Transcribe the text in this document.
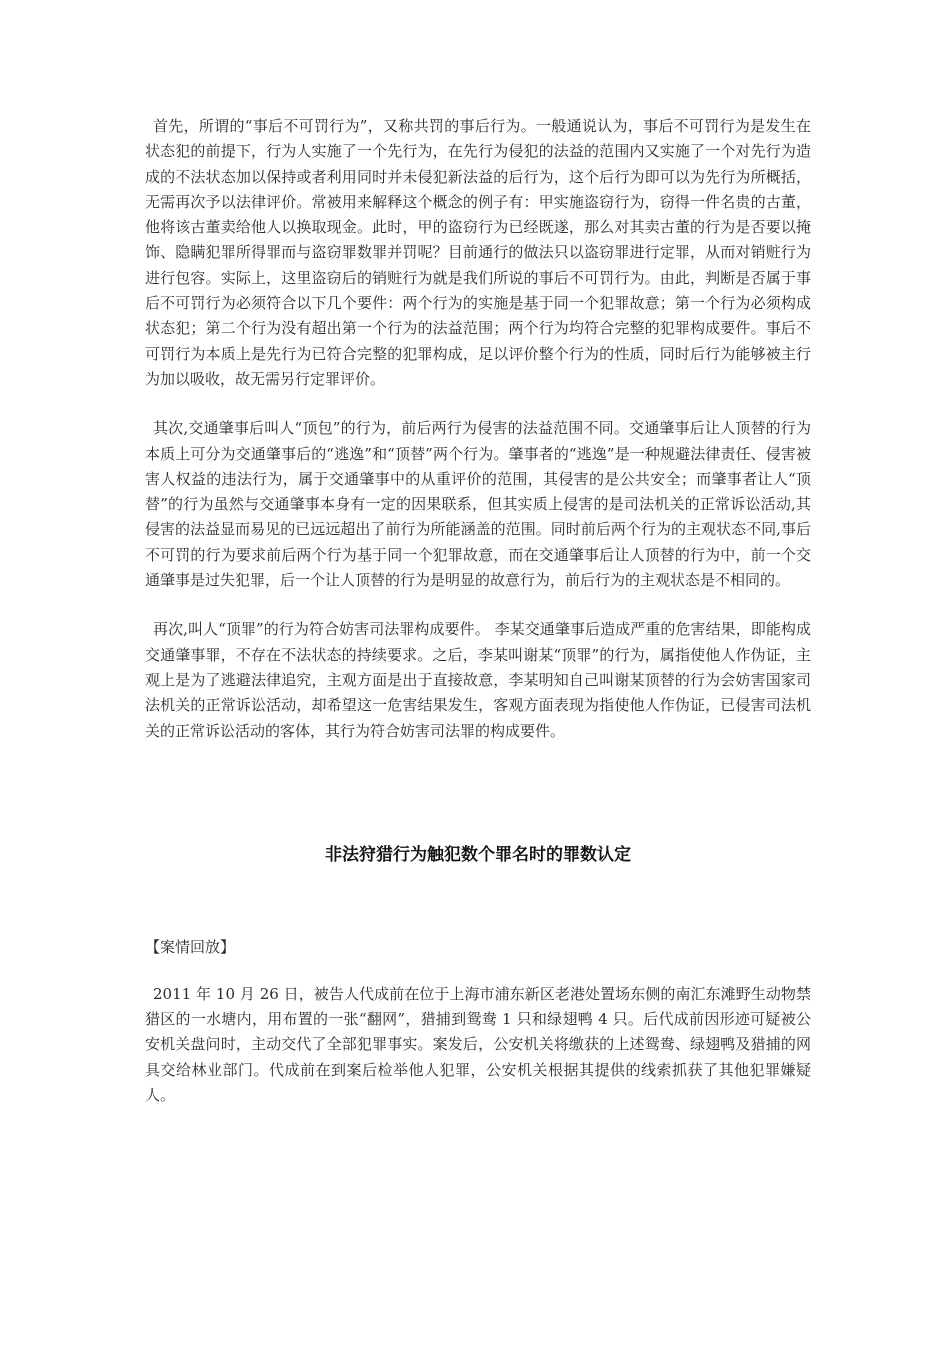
首先，所谓的“事后不可罚行为”，又称共罚的事后行为。一般通说认为，事后不可罚行为是发生在状态犯的前提下，行为人实施了一个先行为，在先行为侵犯的法益的范围内又实施了一个对先行为造成的不法状态加以保持或者利用同时并未侵犯新法益的后行为，这个后行为即可以为先行为所概括，无需再次予以法律评价。常被用来解释这个概念的例子有：甲实施盗窃行为，窃得一件名贵的古董，他将该古董卖给他人以换取现金。此时，甲的盗窃行为已经既遂，那么对其卖古董的行为是否要以掩饰、隐瞒犯罪所得罪而与盗窃罪数罪并罚呢？目前通行的做法只以盗窃罪进行定罪，从而对销赃行为进行包容。实际上，这里盗窃后的销赃行为就是我们所说的事后不可罚行为。由此，判断是否属于事后不可罚行为必须符合以下几个要件：两个行为的实施是基于同一个犯罪故意；第一个行为必须构成状态犯；第二个行为没有超出第一个行为的法益范围；两个行为均符合完整的犯罪构成要件。事后不可罚行为本质上是先行为已符合完整的犯罪构成，足以评价整个行为的性质，同时后行为能够被主行为加以吸收，故无需另行定罪评价。

其次,交通肇事后叫人“顶包”的行为，前后两行为侵害的法益范围不同。交通肇事后让人顶替的行为本质上可分为交通肇事后的“逃逸”和“顶替”两个行为。肇事者的“逃逸”是一种规避法律责任、侵害被害人权益的违法行为，属于交通肇事中的从重评价的范围，其侵害的是公共安全；而肇事者让人“顶替”的行为虽然与交通肇事本身有一定的因果联系，但其实质上侵害的是司法机关的正常诉讼活动,其侵害的法益显而易见的已远远超出了前行为所能涵盖的范围。同时前后两个行为的主观状态不同,事后不可罚的行为要求前后两个行为基于同一个犯罪故意，而在交通肇事后让人顶替的行为中，前一个交通肇事是过失犯罪，后一个让人顶替的行为是明显的故意行为，前后行为的主观状态是不相同的。

再次,叫人“顶罪”的行为符合妨害司法罪构成要件。 李某交通肇事后造成严重的危害结果，即能构成交通肇事罪，不存在不法状态的持续要求。之后，李某叫谢某“顶罪”的行为，属指使他人作伪证，主观上是为了逃避法律追究，主观方面是出于直接故意，李某明知自己叫谢某顶替的行为会妨害国家司法机关的正常诉讼活动，却希望这一危害结果发生，客观方面表现为指使他人作伪证，已侵害司法机关的正常诉讼活动的客体，其行为符合妨害司法罪的构成要件。

非法狩猎行为触犯数个罪名时的罪数认定

【案情回放】

2011 年 10 月 26 日，被告人代成前在位于上海市浦东新区老港处置场东侧的南汇东滩野生动物禁猎区的一水塘内，用布置的一张“翻网”，猎捕到鸳鸯 1 只和绿翅鸭 4 只。后代成前因形迹可疑被公安机关盘问时，主动交代了全部犯罪事实。案发后，公安机关将缴获的上述鸳鸯、绿翅鸭及猎捕的网具交给林业部门。代成前在到案后检举他人犯罪，公安机关根据其提供的线索抓获了其他犯罪嫌疑人。
